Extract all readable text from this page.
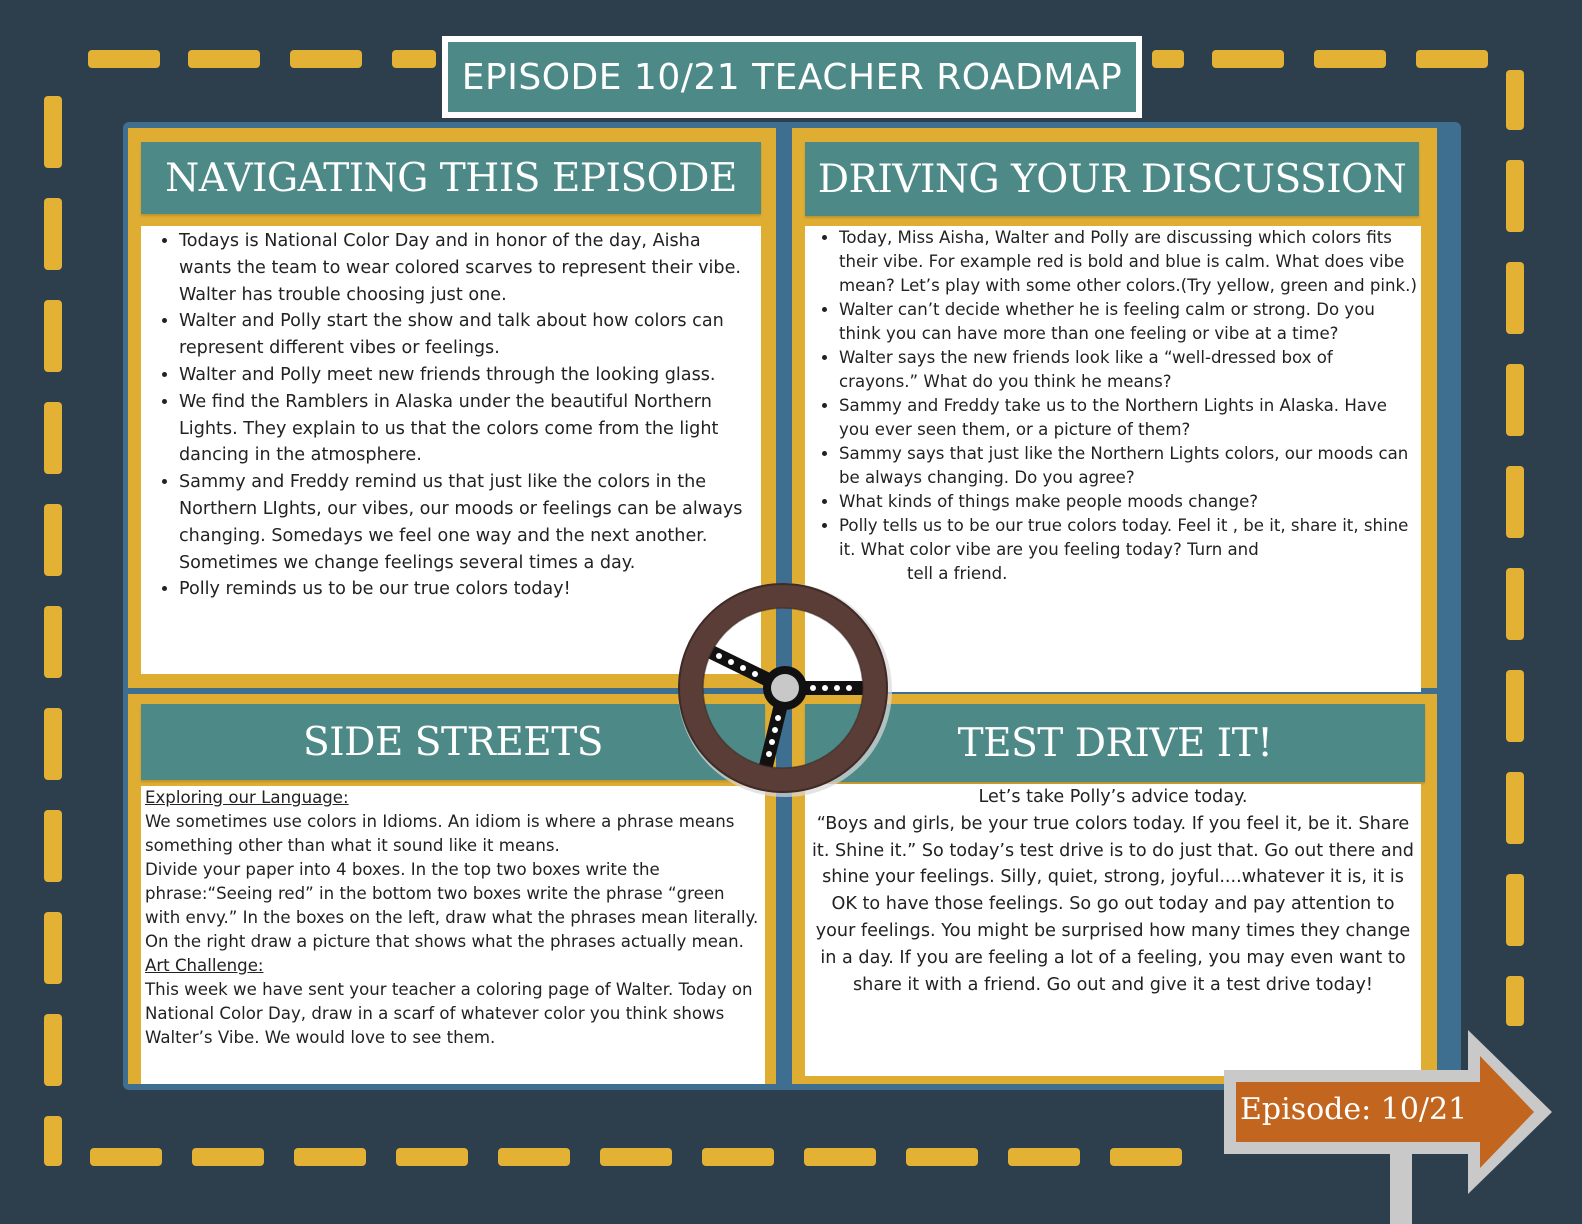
EPISODE 10/21 TEACHER ROADMAP
NAVIGATING THIS EPISODE
• Todays is National Color Day and in honor of the day, Aisha wants the team to wear colored scarves to represent their vibe. Walter has trouble choosing just one.
• Walter and Polly start the show and talk about how colors can represent different vibes or feelings.
• Walter and Polly meet new friends through the looking glass.
• We find the Ramblers in Alaska under the beautiful Northern Lights. They explain to us that the colors come from the light dancing in the atmosphere.
• Sammy and Freddy remind us that just like the colors in the Northern LIghts, our vibes, our moods or feelings can be always changing. Somedays we feel one way and the next another. Sometimes we change feelings several times a day.
• Polly reminds us to be our true colors today!
DRIVING YOUR DISCUSSION
• Today, Miss Aisha, Walter and Polly are discussing which colors fits their vibe. For example red is bold and blue is calm. What does vibe mean? Let’s play with some other colors.(Try yellow, green and pink.)
• Walter can’t decide whether he is feeling calm or strong. Do you think you can have more than one feeling or vibe at a time?
• Walter says the new friends look like a “well-dressed box of crayons.” What do you think he means?
• Sammy and Freddy take us to the Northern Lights in Alaska. Have you ever seen them, or a picture of them?
• Sammy says that just like the Northern Lights colors, our moods can be always changing. Do you agree?
• What kinds of things make people moods change?
• Polly tells us to be our true colors today. Feel it , be it, share it, shine it. What color vibe are you feeling today? Turn and
tell a friend.
SIDE STREETS
Exploring our Language:
We sometimes use colors in Idioms. An idiom is where a phrase means something other than what it sound like it means.
Divide your paper into 4 boxes. In the top two boxes write the phrase:“Seeing red” in the bottom two boxes write the phrase “green with envy.” In the boxes on the left, draw what the phrases mean literally. On the right draw a picture that shows what the phrases actually mean.
Art Challenge:
This week we have sent your teacher a coloring page of Walter. Today on National Color Day, draw in a scarf of whatever color you think shows Walter’s Vibe. We would love to see them.
TEST DRIVE IT!
Let’s take Polly’s advice today.
“Boys and girls, be your true colors today. If you feel it, be it. Share it. Shine it.” So today’s test drive is to do just that. Go out there and shine your feelings. Silly, quiet, strong, joyful....whatever it is, it is OK to have those feelings. So go out today and pay attention to your feelings. You might be surprised how many times they change in a day. If you are feeling a lot of a feeling, you may even want to share it with a friend. Go out and give it a test drive today!
Episode: 10/21
